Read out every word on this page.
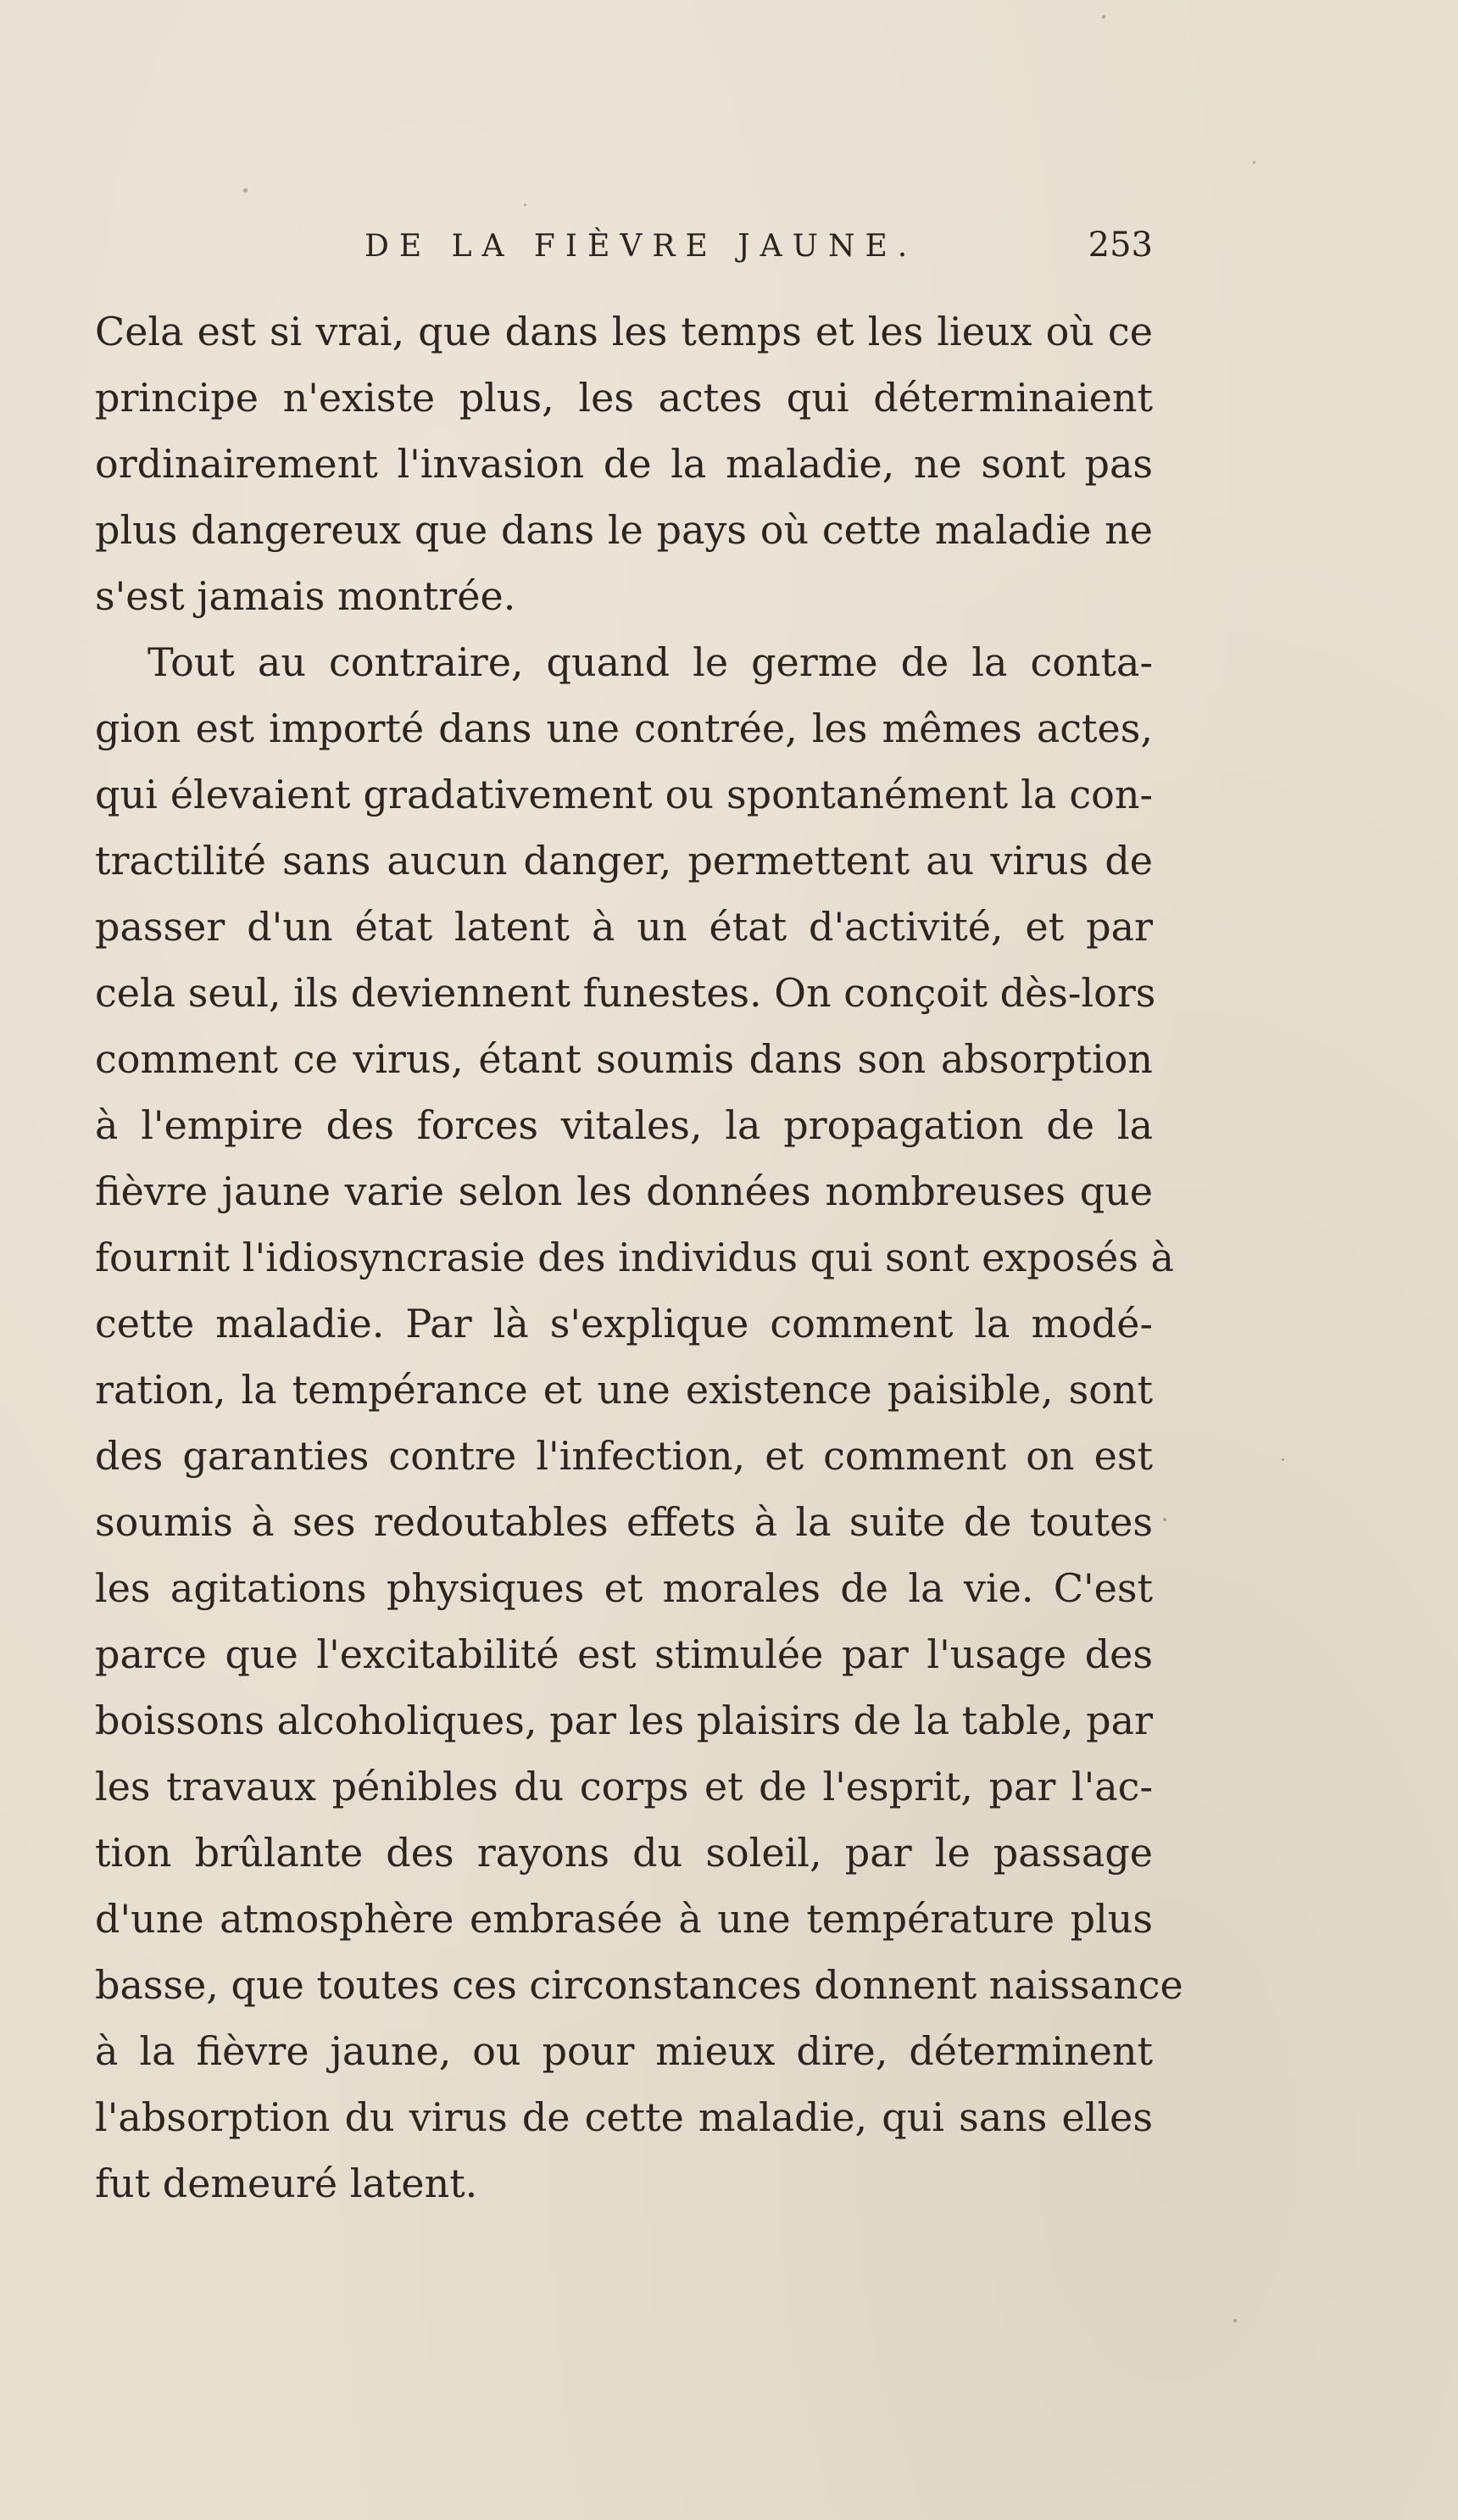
DE LA FIÈVRE JAUNE.	253
Cela est si vrai, que dans les temps et les lieux où ce
principe n'existe plus, les actes qui déterminaient
ordinairement l'invasion de la maladie, ne sont pas
plus dangereux que dans le pays où cette maladie ne
s'est jamais montrée.
Tout au contraire, quand le germe de la conta-
gion est importé dans une contrée, les mêmes actes,
qui élevaient gradativement ou spontanément la con-
tractilité sans aucun danger, permettent au virus de
passer d'un état latent à un état d'activité, et par
cela seul, ils deviennent funestes. On conçoit dès-lors
comment ce virus, étant soumis dans son absorption
à l'empire des forces vitales, la propagation de la
fièvre jaune varie selon les données nombreuses que
fournit l'idiosyncrasie des individus qui sont exposés à
cette maladie. Par là s'explique comment la modé-
ration, la tempérance et une existence paisible, sont
des garanties contre l'infection, et comment on est
soumis à ses redoutables effets à la suite de toutes
les agitations physiques et morales de la vie. C'est
parce que l'excitabilité est stimulée par l'usage des
boissons alcoholiques, par les plaisirs de la table, par
les travaux pénibles du corps et de l'esprit, par l'ac-
tion brûlante des rayons du soleil, par le passage
d'une atmosphère embrasée à une température plus
basse, que toutes ces circonstances donnent naissance
à la fièvre jaune, ou pour mieux dire, déterminent
l'absorption du virus de cette maladie, qui sans elles
fut demeuré latent.
